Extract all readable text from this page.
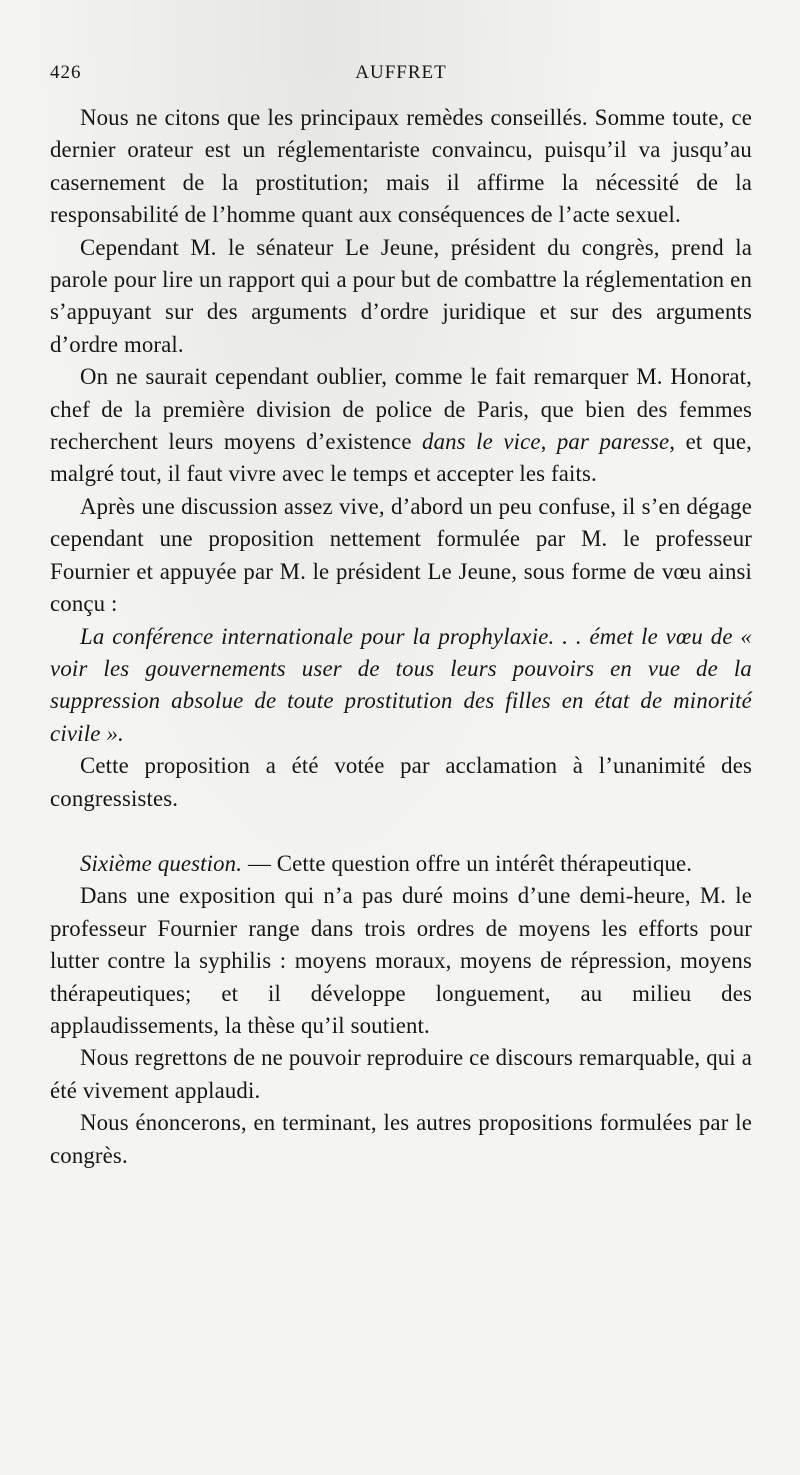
426	AUFFRET

Nous ne citons que les principaux remèdes conseillés. Somme toute, ce dernier orateur est un réglementariste convaincu, puisqu’il va jusqu’au casernement de la prostitution; mais il affirme la nécessité de la responsabilité de l’homme quant aux conséquences de l’acte sexuel.

Cependant M. le sénateur Le Jeune, président du congrès, prend la parole pour lire un rapport qui a pour but de combattre la réglementation en s’appuyant sur des arguments d’ordre juridique et sur des arguments d’ordre moral.

On ne saurait cependant oublier, comme le fait remarquer M. Honorat, chef de la première division de police de Paris, que bien des femmes recherchent leurs moyens d’existence dans le vice, par paresse, et que, malgré tout, il faut vivre avec le temps et accepter les faits.

Après une discussion assez vive, d’abord un peu confuse, il s’en dégage cependant une proposition nettement formulée par M. le professeur Fournier et appuyée par M. le président Le Jeune, sous forme de vœu ainsi conçu :

La conférence internationale pour la prophylaxie. . . émet le vœu de « voir les gouvernements user de tous leurs pouvoirs en vue de la suppression absolue de toute prostitution des filles en état de minorité civile ».

Cette proposition a été votée par acclamation à l’unanimité des congressistes.

Sixième question. — Cette question offre un intérêt thérapeutique.

Dans une exposition qui n’a pas duré moins d’une demi-heure, M. le professeur Fournier range dans trois ordres de moyens les efforts pour lutter contre la syphilis : moyens moraux, moyens de répression, moyens thérapeutiques; et il développe longuement, au milieu des applaudissements, la thèse qu’il soutient.

Nous regrettons de ne pouvoir reproduire ce discours remarquable, qui a été vivement applaudi.

Nous énoncerons, en terminant, les autres propositions formulées par le congrès.
